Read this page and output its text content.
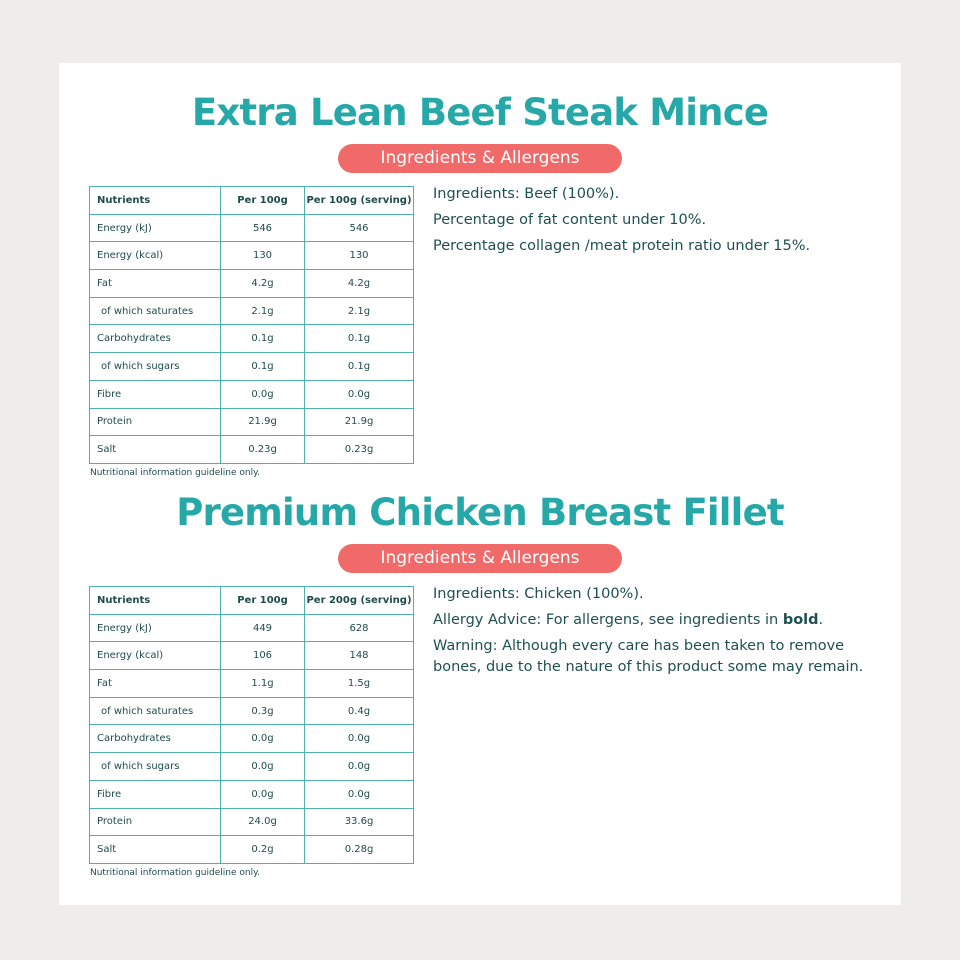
Extra Lean Beef Steak Mince
Ingredients & Allergens
Nutrients	Per 100g	Per 100g (serving)
Energy (kJ)	546	546
Energy (kcal)	130	130
Fat	4.2g	4.2g
of which saturates	2.1g	2.1g
Carbohydrates	0.1g	0.1g
of which sugars	0.1g	0.1g
Fibre	0.0g	0.0g
Protein	21.9g	21.9g
Salt	0.23g	0.23g
Nutritional information guideline only.

Ingredients: Beef (100%).

Percentage of fat content under 10%.

Percentage collagen /meat protein ratio under 15%.

Premium Chicken Breast Fillet
Ingredients & Allergens
Nutrients	Per 100g	Per 200g (serving)
Energy (kJ)	449	628
Energy (kcal)	106	148
Fat	1.1g	1.5g
of which saturates	0.3g	0.4g
Carbohydrates	0.0g	0.0g
of which sugars	0.0g	0.0g
Fibre	0.0g	0.0g
Protein	24.0g	33.6g
Salt	0.2g	0.28g
Nutritional information guideline only.

Ingredients: Chicken (100%).

Allergy Advice: For allergens, see ingredients in bold.

Warning: Although every care has been taken to remove bones, due to the nature of this product some may remain.
